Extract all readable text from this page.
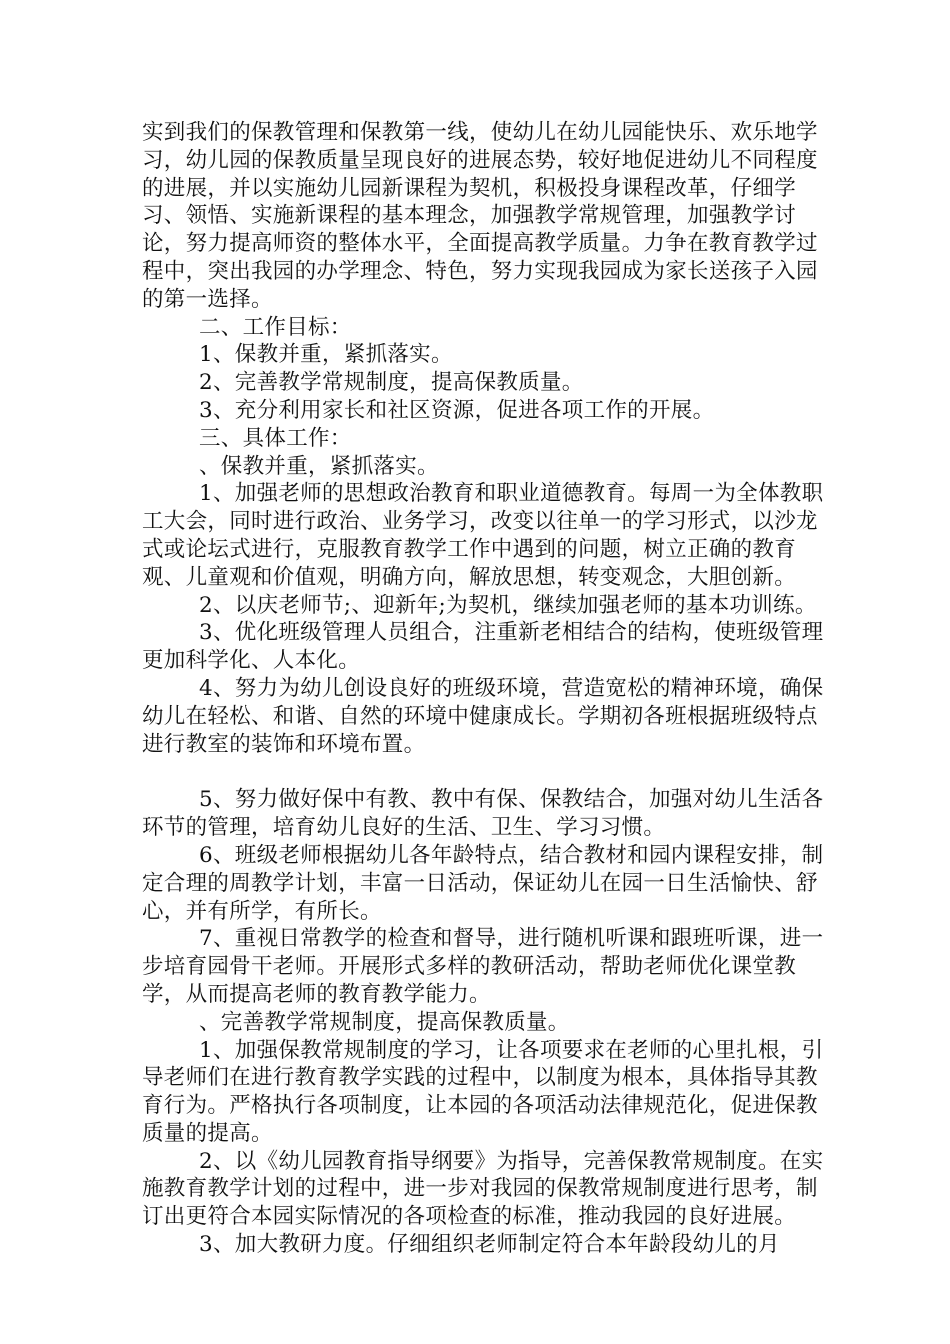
实到我们的保教管理和保教第一线，使幼儿在幼儿园能快乐、欢乐地学习，幼儿园的保教质量呈现良好的进展态势，较好地促进幼儿不同程度的进展，并以实施幼儿园新课程为契机，积极投身课程改革，仔细学习、领悟、实施新课程的基本理念，加强教学常规管理，加强教学讨论，努力提高师资的整体水平，全面提高教学质量。力争在教育教学过程中，突出我园的办学理念、特色，努力实现我园成为家长送孩子入园的第一选择。

二、工作目标：

1、保教并重，紧抓落实。

2、完善教学常规制度，提高保教质量。

3、充分利用家长和社区资源，促进各项工作的开展。

三、具体工作：

、保教并重，紧抓落实。

1、加强老师的思想政治教育和职业道德教育。每周一为全体教职工大会，同时进行政治、业务学习，改变以往单一的学习形式，以沙龙式或论坛式进行，克服教育教学工作中遇到的问题，树立正确的教育观、儿童观和价值观，明确方向，解放思想，转变观念，大胆创新。

2、以庆老师节;、迎新年;为契机，继续加强老师的基本功训练。

3、优化班级管理人员组合，注重新老相结合的结构，使班级管理更加科学化、人本化。

4、努力为幼儿创设良好的班级环境，营造宽松的精神环境，确保幼儿在轻松、和谐、自然的环境中健康成长。学期初各班根据班级特点进行教室的装饰和环境布置。

5、努力做好保中有教、教中有保、保教结合，加强对幼儿生活各环节的管理，培育幼儿良好的生活、卫生、学习习惯。

6、班级老师根据幼儿各年龄特点，结合教材和园内课程安排，制定合理的周教学计划，丰富一日活动，保证幼儿在园一日生活愉快、舒心，并有所学，有所长。

7、重视日常教学的检查和督导，进行随机听课和跟班听课，进一步培育园骨干老师。开展形式多样的教研活动，帮助老师优化课堂教学，从而提高老师的教育教学能力。

、完善教学常规制度，提高保教质量。

1、加强保教常规制度的学习，让各项要求在老师的心里扎根，引导老师们在进行教育教学实践的过程中，以制度为根本，具体指导其教育行为。严格执行各项制度，让本园的各项活动法律规范化，促进保教质量的提高。

2、以《幼儿园教育指导纲要》为指导，完善保教常规制度。在实施教育教学计划的过程中，进一步对我园的保教常规制度进行思考，制订出更符合本园实际情况的各项检查的标准，推动我园的良好进展。

3、加大教研力度。仔细组织老师制定符合本年龄段幼儿的月
